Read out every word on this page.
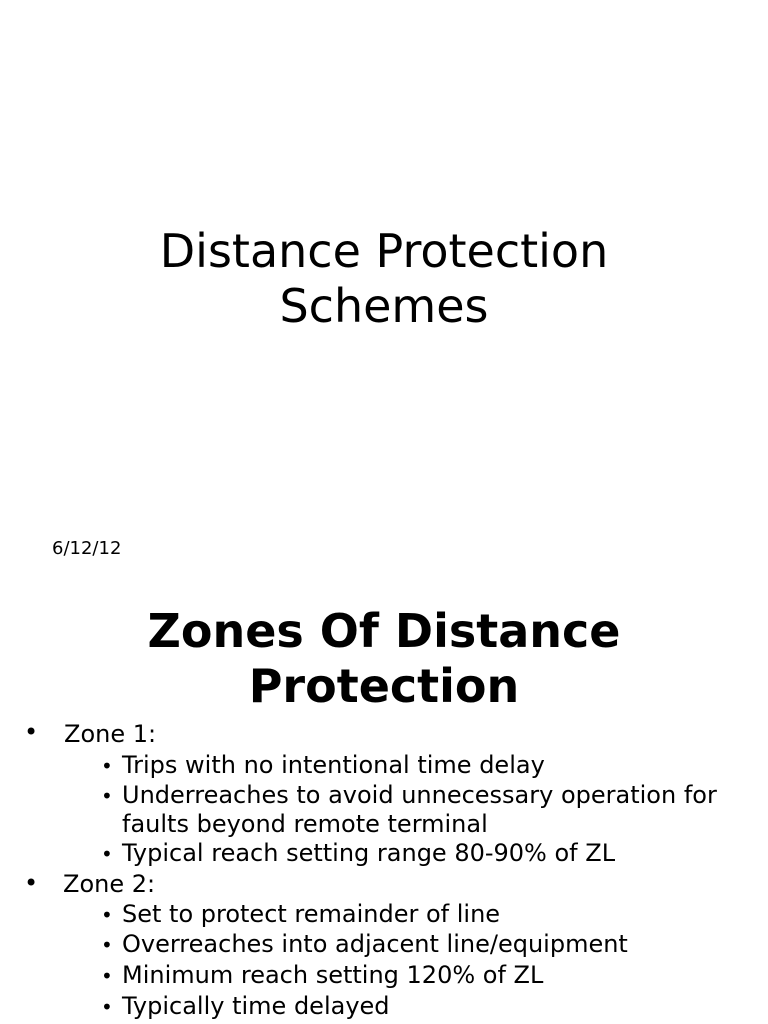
Distance Protection
Schemes
6/12/12
Zones Of Distance
Protection
• Zone 1:
• Trips with no intentional time delay
• Underreaches to avoid unnecessary operation for faults beyond remote terminal
• Typical reach setting range 80-90% of ZL
• Zone 2:
• Set to protect remainder of line
• Overreaches into adjacent line/equipment
• Minimum reach setting 120% of ZL
• Typically time delayed
